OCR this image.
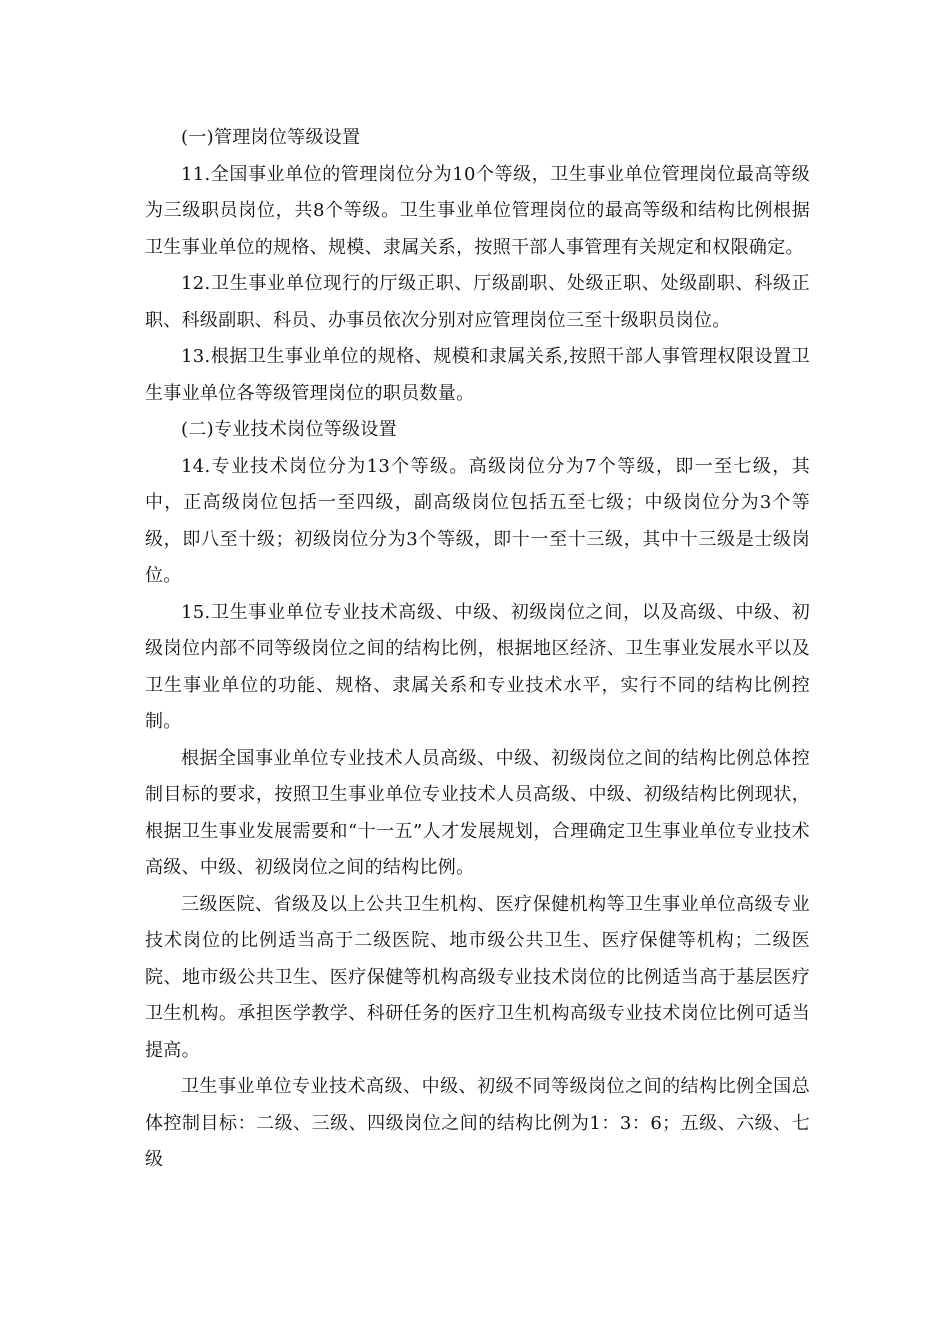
(一)管理岗位等级设置

11.全国事业单位的管理岗位分为10个等级，卫生事业单位管理岗位最高等级为三级职员岗位，共8个等级。卫生事业单位管理岗位的最高等级和结构比例根据卫生事业单位的规格、规模、隶属关系，按照干部人事管理有关规定和权限确定。

12.卫生事业单位现行的厅级正职、厅级副职、处级正职、处级副职、科级正职、科级副职、科员、办事员依次分别对应管理岗位三至十级职员岗位。

13.根据卫生事业单位的规格、规模和隶属关系,按照干部人事管理权限设置卫生事业单位各等级管理岗位的职员数量。

(二)专业技术岗位等级设置

14.专业技术岗位分为13个等级。高级岗位分为7个等级，即一至七级，其中，正高级岗位包括一至四级，副高级岗位包括五至七级；中级岗位分为3个等级，即八至十级；初级岗位分为3个等级，即十一至十三级，其中十三级是士级岗位。

15.卫生事业单位专业技术高级、中级、初级岗位之间，以及高级、中级、初级岗位内部不同等级岗位之间的结构比例，根据地区经济、卫生事业发展水平以及卫生事业单位的功能、规格、隶属关系和专业技术水平，实行不同的结构比例控制。

根据全国事业单位专业技术人员高级、中级、初级岗位之间的结构比例总体控制目标的要求，按照卫生事业单位专业技术人员高级、中级、初级结构比例现状，根据卫生事业发展需要和“十一五”人才发展规划，合理确定卫生事业单位专业技术高级、中级、初级岗位之间的结构比例。

三级医院、省级及以上公共卫生机构、医疗保健机构等卫生事业单位高级专业技术岗位的比例适当高于二级医院、地市级公共卫生、医疗保健等机构；二级医院、地市级公共卫生、医疗保健等机构高级专业技术岗位的比例适当高于基层医疗卫生机构。承担医学教学、科研任务的医疗卫生机构高级专业技术岗位比例可适当提高。

卫生事业单位专业技术高级、中级、初级不同等级岗位之间的结构比例全国总体控制目标：二级、三级、四级岗位之间的结构比例为1：3：6；五级、六级、七级
